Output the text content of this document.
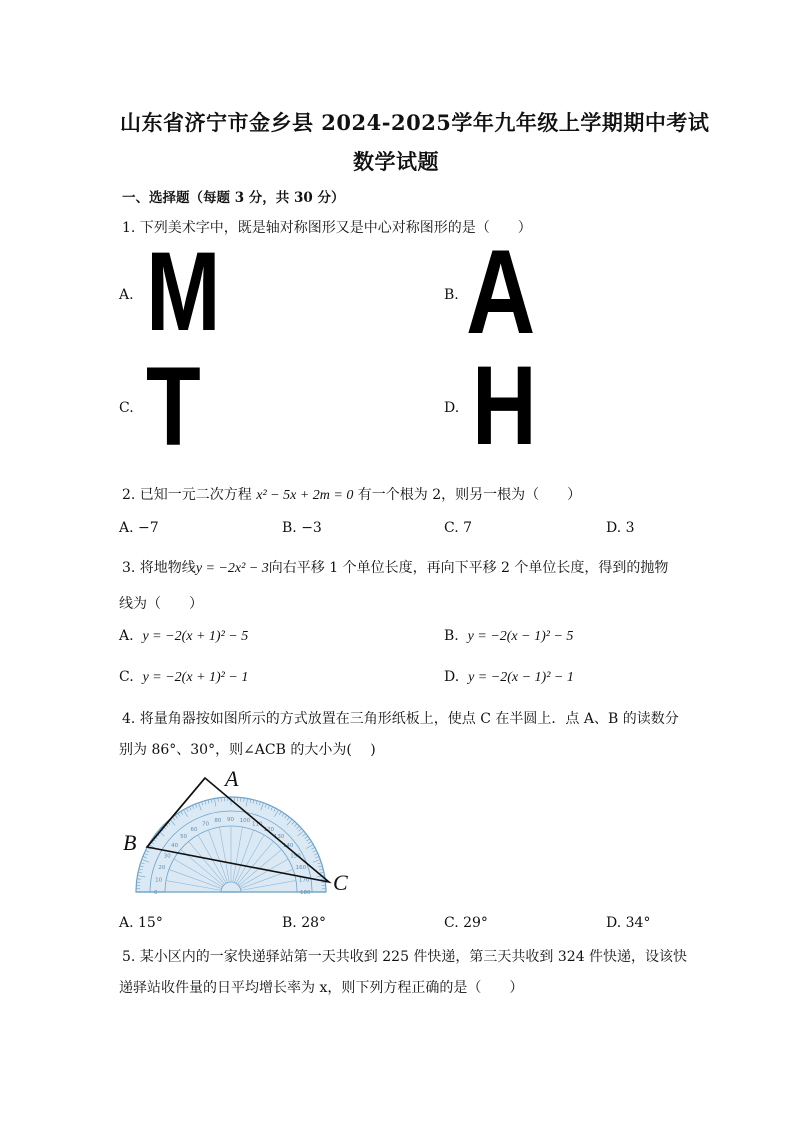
山东省济宁市金乡县 2024-2025学年九年级上学期期中考试
数学试题
一、选择题（每题 3 分，共 30 分）
1. 下列美术字中，既是轴对称图形又是中心对称图形的是（　　）
A. M	B. A
C. T	D. H
2. 已知一元二次方程 x² − 5x + 2m = 0 有一个根为 2，则另一根为（　　）
A. −7	B. −3	C. 7	D. 3
3. 将地物线y = −2x² − 3向右平移 1 个单位长度，再向下平移 2 个单位长度，得到的抛物
线为（　　）
A. y = −2(x + 1)² − 5	B. y = −2(x − 1)² − 5
C. y = −2(x + 1)² − 1	D. y = −2(x − 1)² − 1
4. 将量角器按如图所示的方式放置在三角形纸板上，使点 C 在半圆上．点 A、B 的读数分
别为 86°、30°，则∠ACB 的大小为(　 )
180
170
160
150
140
130
120
110
100
90
80
70
60
50
40
30
20
10
0
A
B
C
A. 15°	B. 28°	C. 29°	D. 34°
5. 某小区内的一家快递驿站第一天共收到 225 件快递，第三天共收到 324 件快递，设该快
递驿站收件量的日平均增长率为 x，则下列方程正确的是（　　）
